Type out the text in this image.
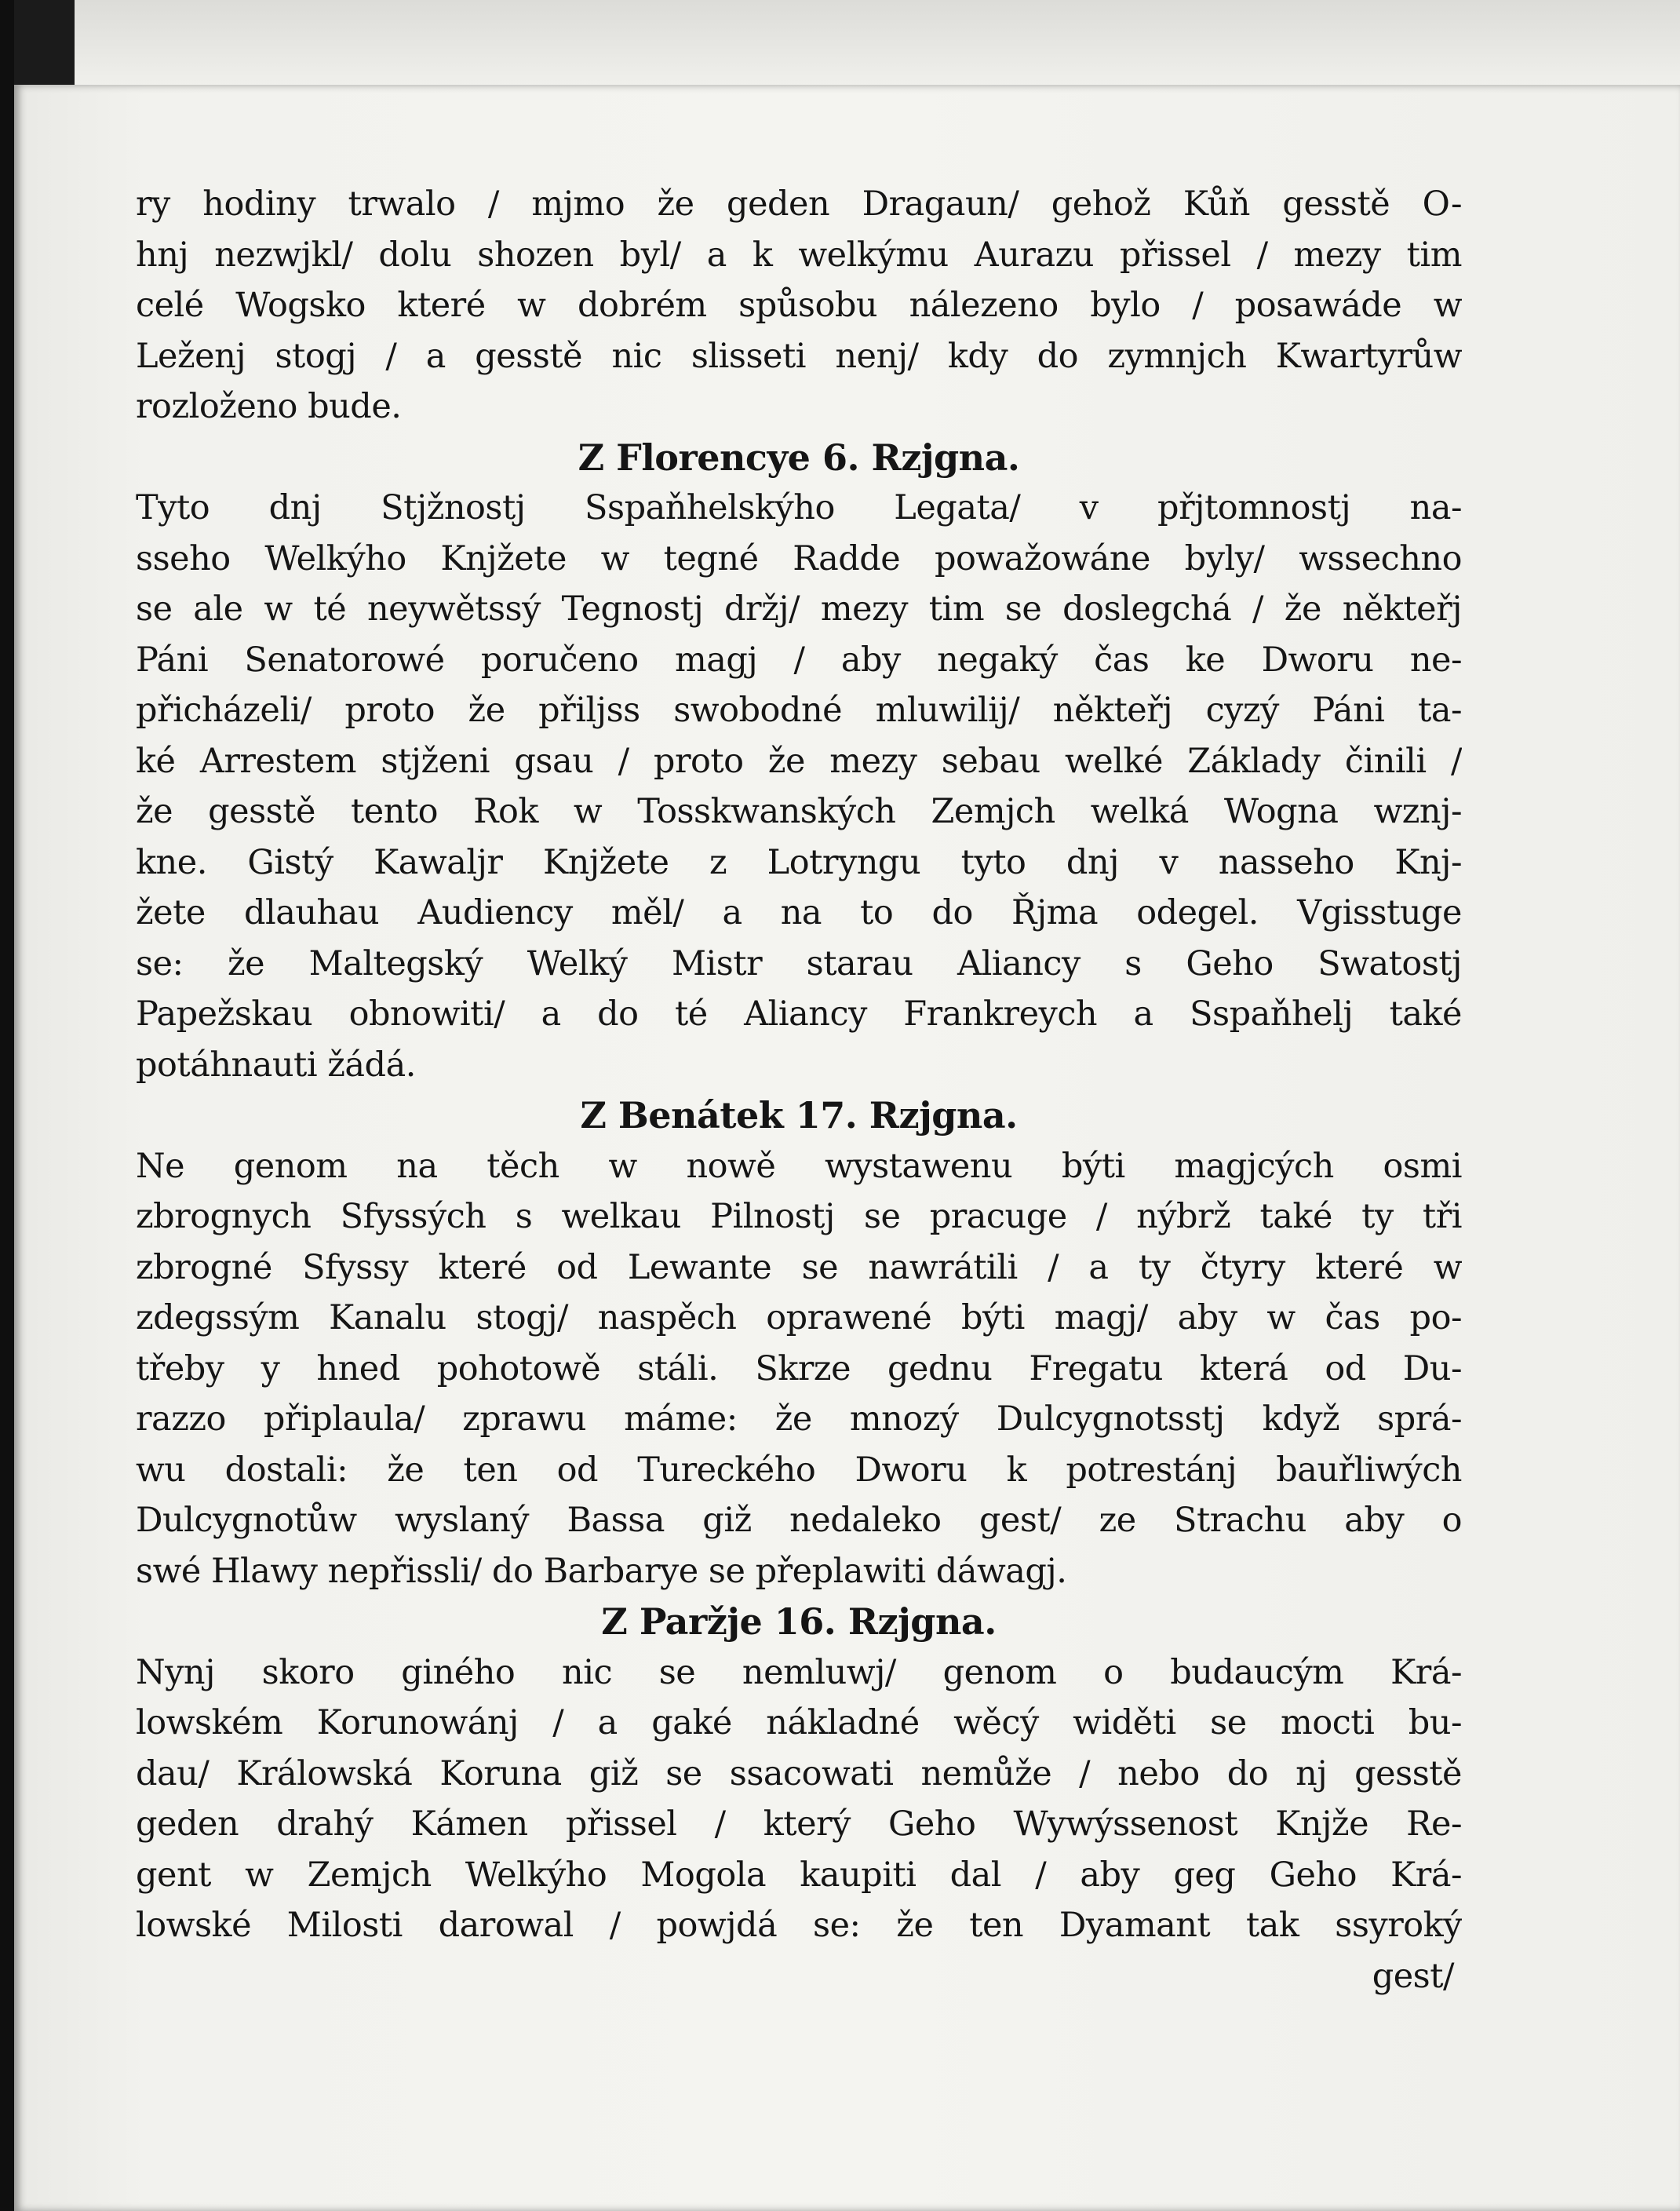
ry hodiny trwalo / mjmo že geden Dragaun/ gehož Kůň gesstě O-
hnj nezwjkl/ dolu shozen byl/ a k welkýmu Aurazu přissel / mezy tim
celé Wogsko které w dobrém spůsobu nálezeno bylo / posawáde w
Leženj stogj / a gesstě nic slisseti nenj/ kdy do zymnjch Kwartyrůw
rozloženo bude.
Z Florencye 6. Rzjgna.
Tyto dnj Stjžnostj Sspaňhelskýho Legata/ v přjtomnostj na-
sseho Welkýho Knjžete w tegné Radde powažowáne byly/ wssechno
se ale w té neywětssý Tegnostj držj/ mezy tim se doslegchá / že někteřj
Páni Senatorowé poručeno magj / aby negaký čas ke Dworu ne-
přicházeli/ proto že přilјss swobodné mluwilij/ někteřj cyzý Páni ta-
ké Arrestem stjženi gsau / proto že mezy sebau welké Základy činili /
že gesstě tento Rok w Tosskwanských Zemjch welká Wogna wznj-
kne. Gistý Kawalјr Knjžete z Lotryngu tyto dnj v nasseho Knj-
žete dlauhau Audiency měl/ a na to do Řjma odegel. Vgisstuge
se: že Maltegský Welký Mistr starau Aliancy s Geho Swatostj
Papežskau obnowiti/ a do té Aliancy Frankreych a Sspaňhelј také
potáhnauti žádá.
Z Benátek 17. Rzjgna.
Ne genom na těch w nowě wystawenu býti magјcých osmi
zbrognych Sfyssých s welkau Pilnostj se pracuge / nýbrž také ty tři
zbrogné Sfyssy které od Lewante se nawrátili / a ty čtyry které w
zdegssým Kanalu stogj/ naspěch oprawené býti magj/ aby w čas po-
třeby y hned pohotowě stáli. Skrze gednu Fregatu která od Du-
razzo připlaula/ zprawu máme: že mnozý Dulcygnotsstj když sprá-
wu dostali: že ten od Tureckého Dworu k potrestánj bauřliwých
Dulcygnotůw wyslaný Bassa giž nedaleko gest/ ze Strachu aby o
swé Hlawy nepřissli/ do Barbarye se přeplawiti dáwagj.
Z Paržje 16. Rzjgna.
Nynj skoro giného nic se nemluwj/ genom o budaucým Krá-
lowském Korunowánj / a gaké nákladné wěcý widěti se mocti bu-
dau/ Králowská Koruna giž se ssacowati nemůže / nebo do nj gesstě
geden drahý Kámen přissel / který Geho Wywýssenost Knjže Re-
gent w Zemjch Welkýho Mogola kaupiti dal / aby geg Geho Krá-
lowské Milosti darowal / powjdá se: že ten Dyamant tak ssyroký
gest/
